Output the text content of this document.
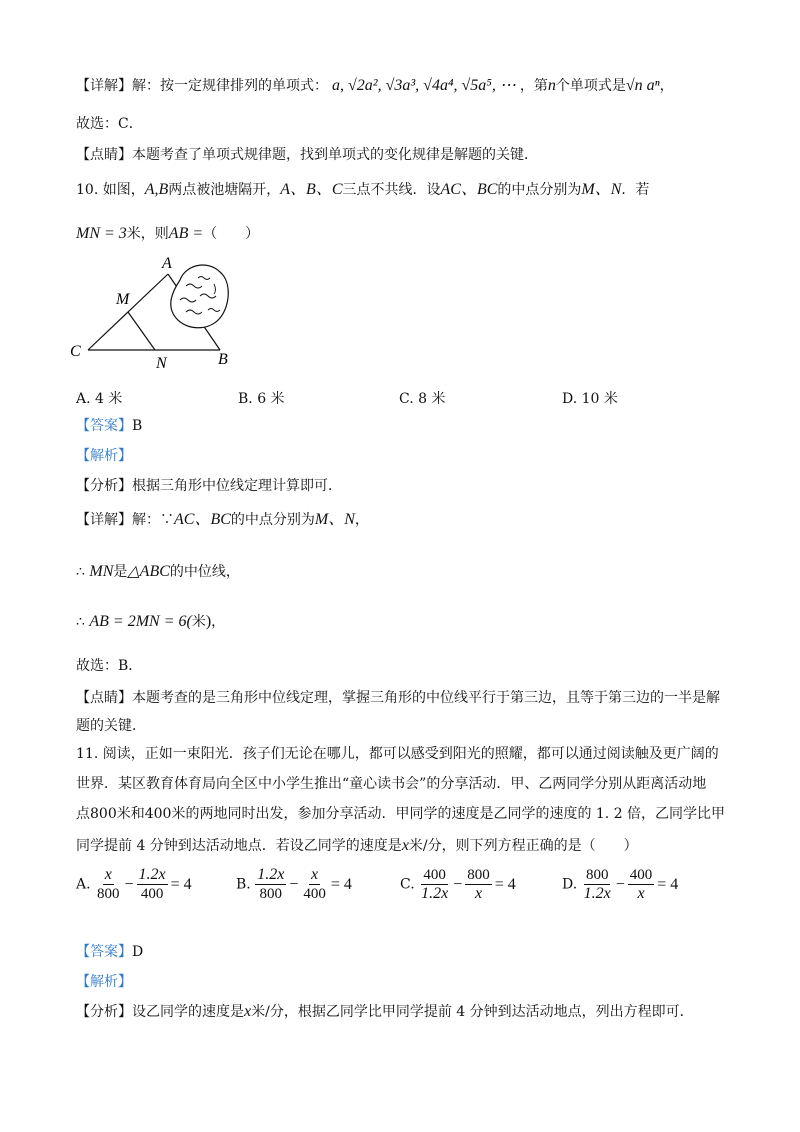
【详解】解：按一定规律排列的单项式： a, √2a², √3a³, √4a⁴, √5a⁵, ⋯ ，第n个单项式是√n aⁿ，
故选：C．
【点睛】本题考查了单项式规律题，找到单项式的变化规律是解题的关键．
10. 如图，A,B两点被池塘隔开，A、B、C三点不共线．设AC、BC的中点分别为M、N．若
MN = 3米，则AB =（　　）
A
M
C
N	B
A. 4 米	B. 6 米	C. 8 米	D. 10 米
【答案】B
【解析】
【分析】根据三角形中位线定理计算即可．
【详解】解：∵AC、BC的中点分别为M、N，
∴ MN是△ABC的中位线，
∴ AB = 2MN = 6(米)，
故选：B．
【点睛】本题考查的是三角形中位线定理，掌握三角形的中位线平行于第三边，且等于第三边的一半是解
题的关键．
11. 阅读，正如一束阳光．孩子们无论在哪儿，都可以感受到阳光的照耀，都可以通过阅读触及更广阔的
世界．某区教育体育局向全区中小学生推出“童心读书会”的分享活动．甲、乙两同学分别从距离活动地
点800米和400米的两地同时出发，参加分享活动．甲同学的速度是乙同学的速度的 1. 2 倍，乙同学比甲
同学提前 4 分钟到达活动地点．若设乙同学的速度是x米/分，则下列方程正确的是（　　）
A. $\frac{x}{800} - \frac{1.2x}{400} = 4$	B. $\frac{1.2x}{800} - \frac{x}{400} = 4$	C. $\frac{400}{1.2x} - \frac{800}{x} = 4$	D. $\frac{800}{1.2x} - \frac{400}{x} = 4$
【答案】D
【解析】
【分析】设乙同学的速度是x米/分，根据乙同学比甲同学提前 4 分钟到达活动地点，列出方程即可．
